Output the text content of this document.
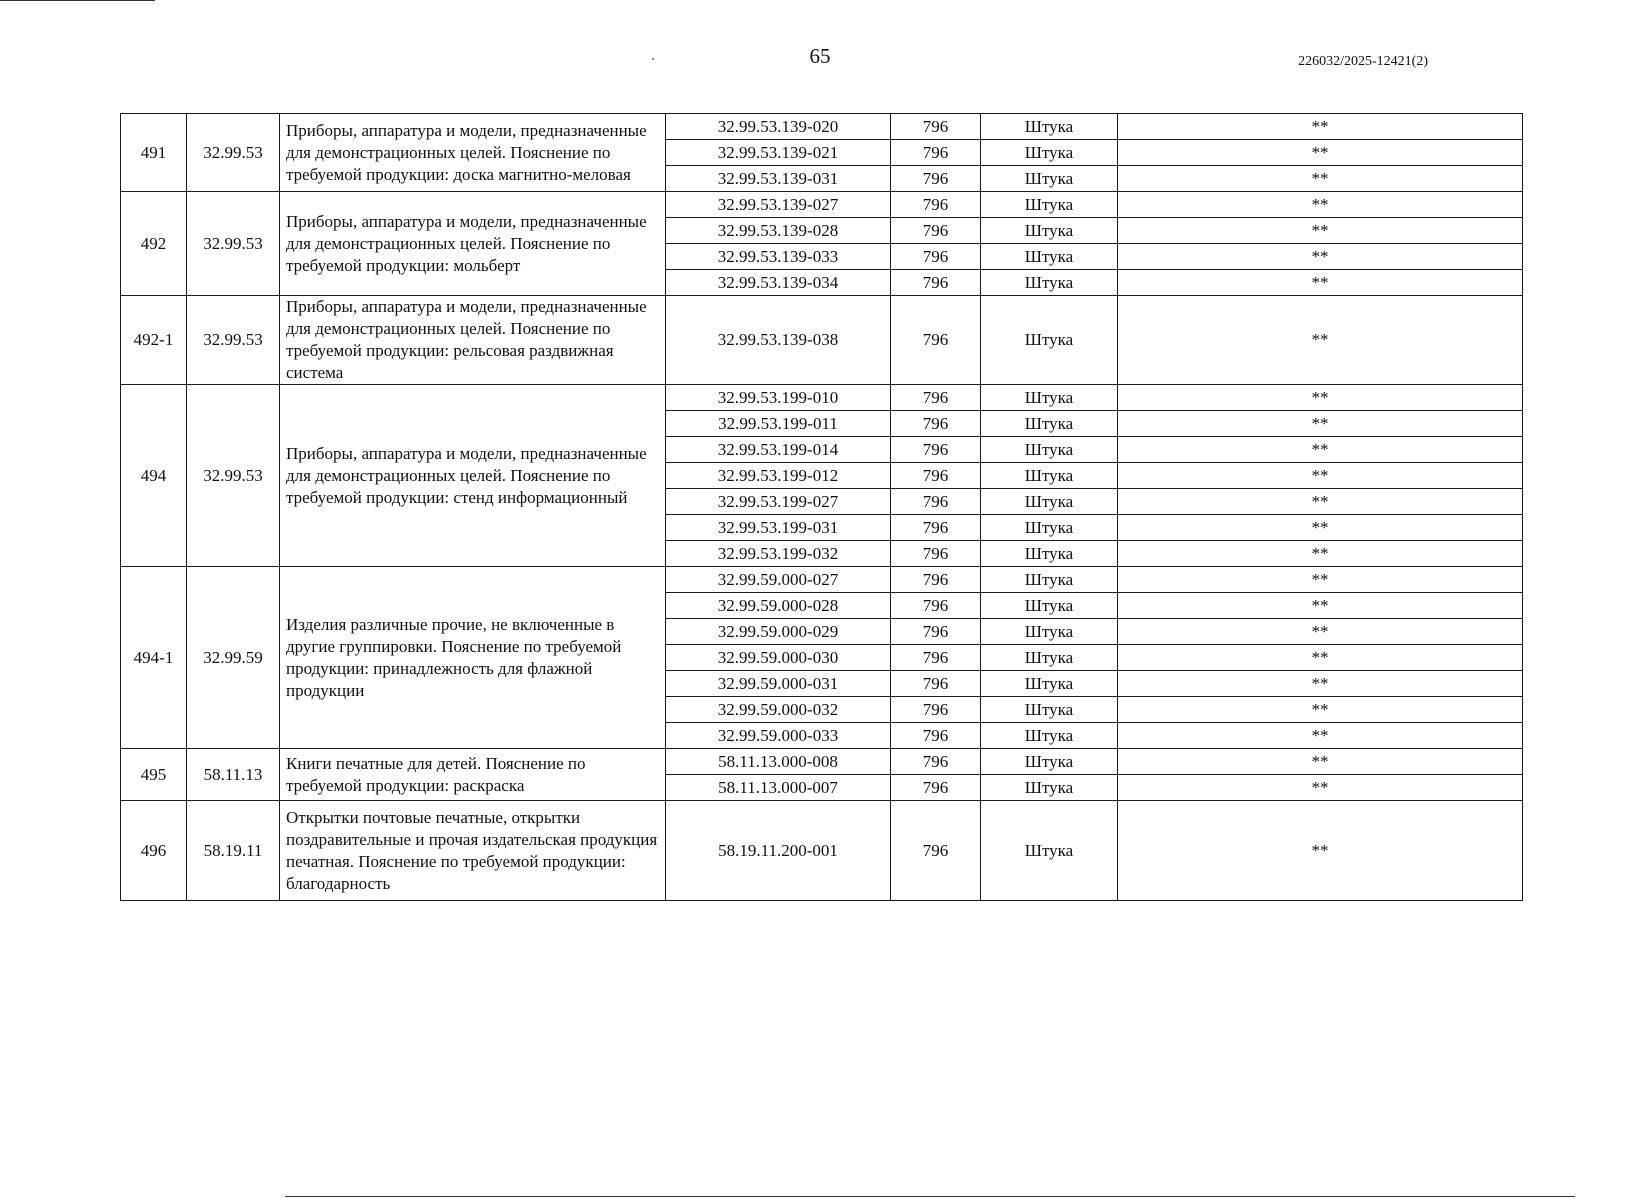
65	226032/2025-12421(2)
491	32.99.53	Приборы, аппаратура и модели, предназначенные для демонстрационных целей. Пояснение по требуемой продукции: доска магнитно-меловая	32.99.53.139-020	796	Штука	**
			32.99.53.139-021	796	Штука	**
			32.99.53.139-031	796	Штука	**
492	32.99.53	Приборы, аппаратура и модели, предназначенные для демонстрационных целей. Пояснение по требуемой продукции: мольберт	32.99.53.139-027	796	Штука	**
			32.99.53.139-028	796	Штука	**
			32.99.53.139-033	796	Штука	**
			32.99.53.139-034	796	Штука	**
492-1	32.99.53	Приборы, аппаратура и модели, предназначенные для демонстрационных целей. Пояснение по требуемой продукции: рельсовая раздвижная система	32.99.53.139-038	796	Штука	**
494	32.99.53	Приборы, аппаратура и модели, предназначенные для демонстрационных целей. Пояснение по требуемой продукции: стенд информационный	32.99.53.199-010	796	Штука	**
			32.99.53.199-011	796	Штука	**
			32.99.53.199-014	796	Штука	**
			32.99.53.199-012	796	Штука	**
			32.99.53.199-027	796	Штука	**
			32.99.53.199-031	796	Штука	**
			32.99.53.199-032	796	Штука	**
494-1	32.99.59	Изделия различные прочие, не включенные в другие группировки. Пояснение по требуемой продукции: принадлежность для флажной продукции	32.99.59.000-027	796	Штука	**
			32.99.59.000-028	796	Штука	**
			32.99.59.000-029	796	Штука	**
			32.99.59.000-030	796	Штука	**
			32.99.59.000-031	796	Штука	**
			32.99.59.000-032	796	Штука	**
			32.99.59.000-033	796	Штука	**
495	58.11.13	Книги печатные для детей. Пояснение по требуемой продукции: раскраска	58.11.13.000-008	796	Штука	**
			58.11.13.000-007	796	Штука	**
496	58.19.11	Открытки почтовые печатные, открытки поздравительные и прочая издательская продукция печатная. Пояснение по требуемой продукции: благодарность	58.19.11.200-001	796	Штука	**
